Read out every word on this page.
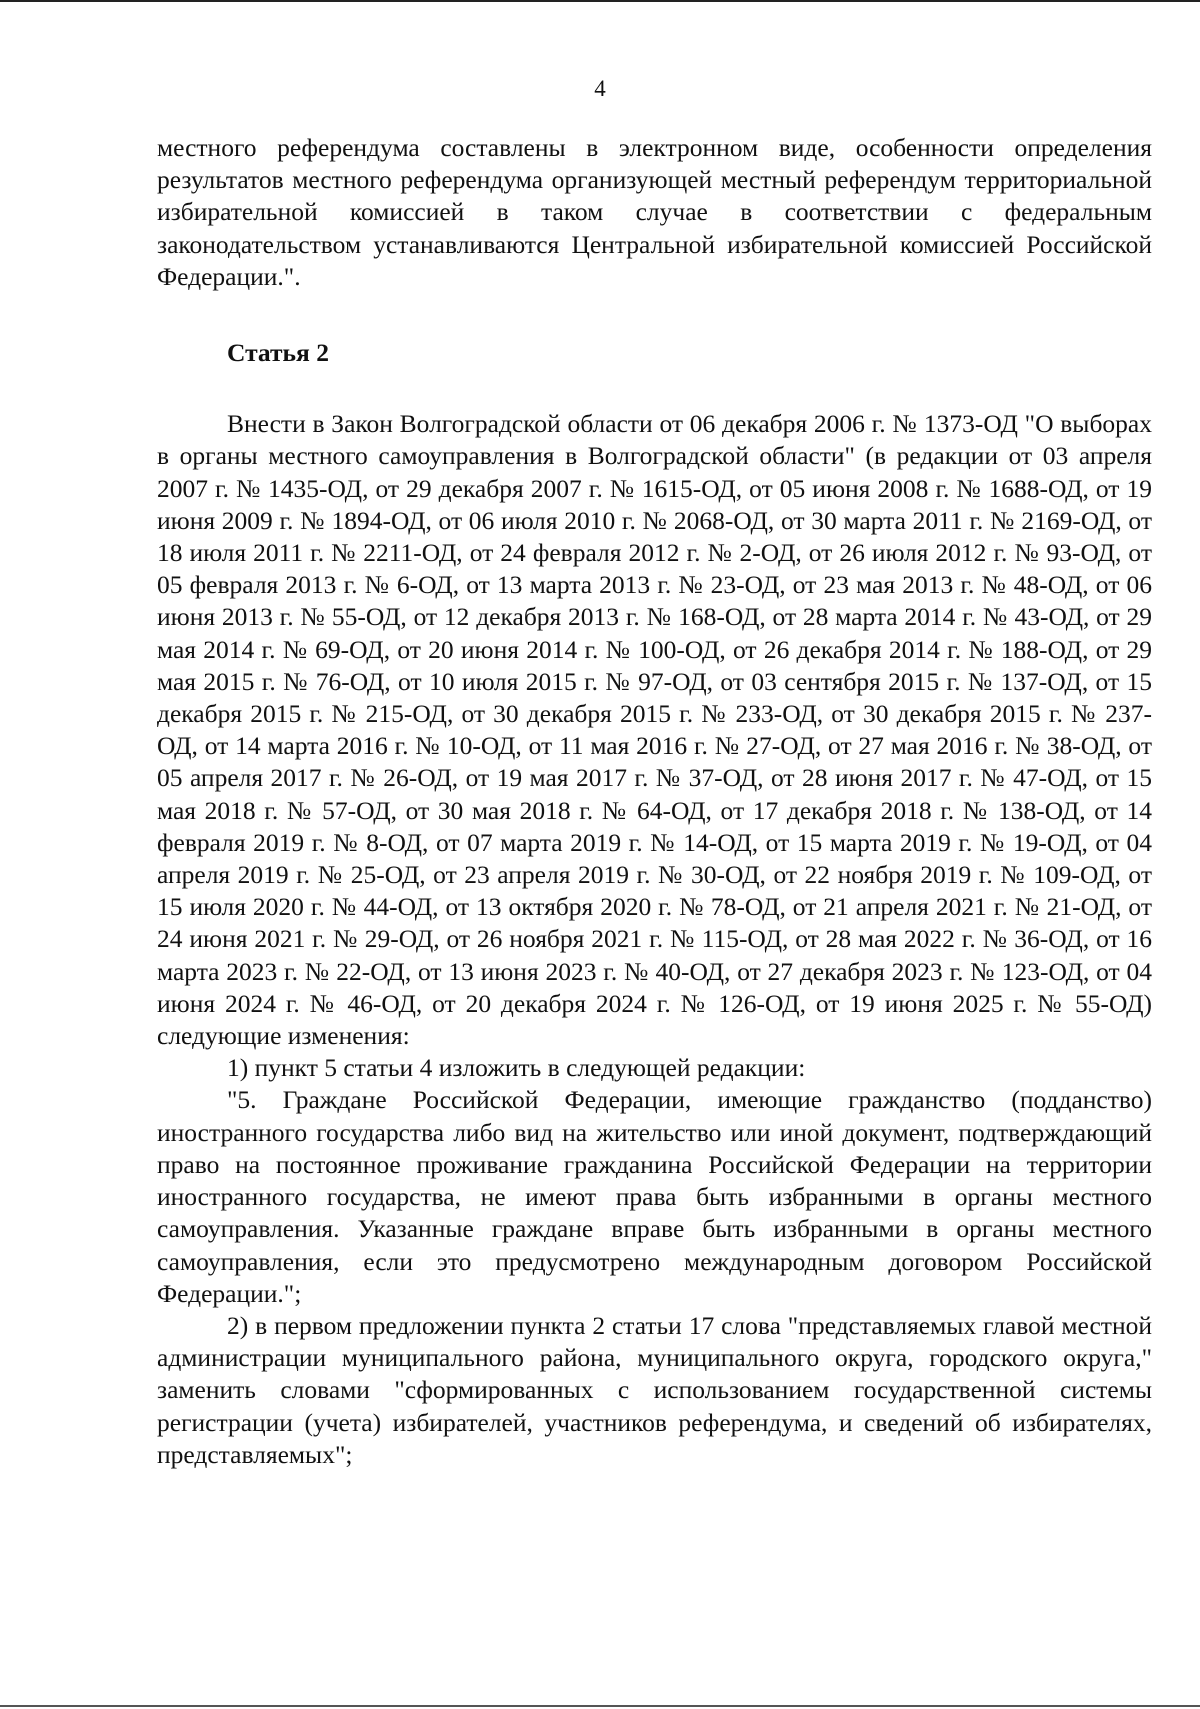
4

местного референдума составлены в электронном виде, особенности определения результатов местного референдума организующей местный референдум территориальной избирательной комиссией в таком случае в соответствии с федеральным законодательством устанавливаются Центральной избирательной комиссией Российской Федерации.".

Статья 2

Внести в Закон Волгоградской области от 06 декабря 2006 г. № 1373-ОД "О выборах в органы местного самоуправления в Волгоградской области" (в редакции от 03 апреля 2007 г. № 1435-ОД, от 29 декабря 2007 г. № 1615-ОД, от 05 июня 2008 г. № 1688-ОД, от 19 июня 2009 г. № 1894-ОД, от 06 июля 2010 г. № 2068-ОД, от 30 марта 2011 г. № 2169-ОД, от 18 июля 2011 г. № 2211-ОД, от 24 февраля 2012 г. № 2-ОД, от 26 июля 2012 г. № 93-ОД, от 05 февраля 2013 г. № 6-ОД, от 13 марта 2013 г. № 23-ОД, от 23 мая 2013 г. № 48-ОД, от 06 июня 2013 г. № 55-ОД, от 12 декабря 2013 г. № 168-ОД, от 28 марта 2014 г. № 43-ОД, от 29 мая 2014 г. № 69-ОД, от 20 июня 2014 г. № 100-ОД, от 26 декабря 2014 г. № 188-ОД, от 29 мая 2015 г. № 76-ОД, от 10 июля 2015 г. № 97-ОД, от 03 сентября 2015 г. № 137-ОД, от 15 декабря 2015 г. № 215-ОД, от 30 декабря 2015 г. № 233-ОД, от 30 декабря 2015 г. № 237-ОД, от 14 марта 2016 г. № 10-ОД, от 11 мая 2016 г. № 27-ОД, от 27 мая 2016 г. № 38-ОД, от 05 апреля 2017 г. № 26-ОД, от 19 мая 2017 г. № 37-ОД, от 28 июня 2017 г. № 47-ОД, от 15 мая 2018 г. № 57-ОД, от 30 мая 2018 г. № 64-ОД, от 17 декабря 2018 г. № 138-ОД, от 14 февраля 2019 г. № 8-ОД, от 07 марта 2019 г. № 14-ОД, от 15 марта 2019 г. № 19-ОД, от 04 апреля 2019 г. № 25-ОД, от 23 апреля 2019 г. № 30-ОД, от 22 ноября 2019 г. № 109-ОД, от 15 июля 2020 г. № 44-ОД, от 13 октября 2020 г. № 78-ОД, от 21 апреля 2021 г. № 21-ОД, от 24 июня 2021 г. № 29-ОД, от 26 ноября 2021 г. № 115-ОД, от 28 мая 2022 г. № 36-ОД, от 16 марта 2023 г. № 22-ОД, от 13 июня 2023 г. № 40-ОД, от 27 декабря 2023 г. № 123-ОД, от 04 июня 2024 г. № 46-ОД, от 20 декабря 2024 г. № 126-ОД, от 19 июня 2025 г. № 55-ОД) следующие изменения:

1) пункт 5 статьи 4 изложить в следующей редакции:

"5. Граждане Российской Федерации, имеющие гражданство (подданство) иностранного государства либо вид на жительство или иной документ, подтверждающий право на постоянное проживание гражданина Российской Федерации на территории иностранного государства, не имеют права быть избранными в органы местного самоуправления. Указанные граждане вправе быть избранными в органы местного самоуправления, если это предусмотрено международным договором Российской Федерации.";

2) в первом предложении пункта 2 статьи 17 слова "представляемых главой местной администрации муниципального района, муниципального округа, городского округа," заменить словами "сформированных с использованием государственной системы регистрации (учета) избирателей, участников референдума, и сведений об избирателях, представляемых";
